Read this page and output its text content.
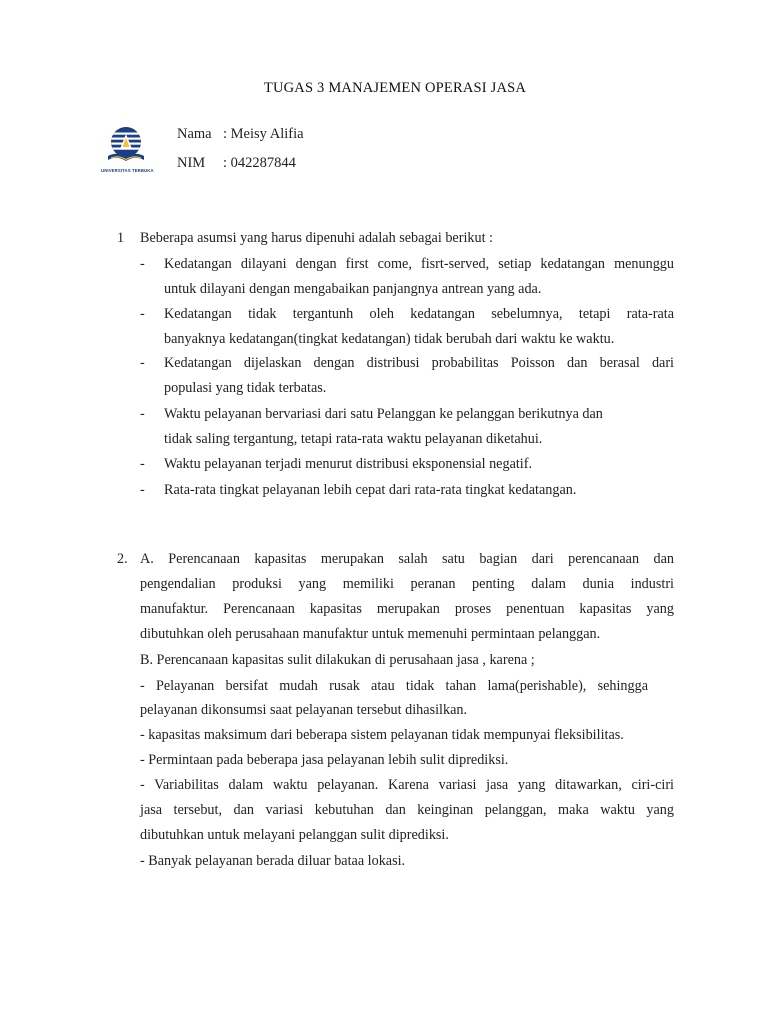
TUGAS 3 MANAJEMEN OPERASI JASA
UNIVERSITAS TERBUKA
Nama : Meisy Alifia
NIM : 042287844
1 Beberapa asumsi yang harus dipenuhi adalah sebagai berikut :
- Kedatangan dilayani dengan first come, fisrt-served, setiap kedatangan menunggu
untuk dilayani dengan mengabaikan panjangnya antrean yang ada.
- Kedatangan tidak tergantunh oleh kedatangan sebelumnya, tetapi rata-rata
banyaknya kedatangan(tingkat kedatangan) tidak berubah dari waktu ke waktu.
- Kedatangan dijelaskan dengan distribusi probabilitas Poisson dan berasal dari
populasi yang tidak terbatas.
- Waktu pelayanan bervariasi dari satu Pelanggan ke pelanggan berikutnya dan
tidak saling tergantung, tetapi rata-rata waktu pelayanan diketahui.
- Waktu pelayanan terjadi menurut distribusi eksponensial negatif.
- Rata-rata tingkat pelayanan lebih cepat dari rata-rata tingkat kedatangan.
2. A. Perencanaan kapasitas merupakan salah satu bagian dari perencanaan dan
pengendalian produksi yang memiliki peranan penting dalam dunia industri
manufaktur. Perencanaan kapasitas merupakan proses penentuan kapasitas yang
dibutuhkan oleh perusahaan manufaktur untuk memenuhi permintaan pelanggan.
B. Perencanaan kapasitas sulit dilakukan di perusahaan jasa , karena ;
- Pelayanan bersifat mudah rusak atau tidak tahan lama(perishable), sehingga
pelayanan dikonsumsi saat pelayanan tersebut dihasilkan.
- kapasitas maksimum dari beberapa sistem pelayanan tidak mempunyai fleksibilitas.
- Permintaan pada beberapa jasa pelayanan lebih sulit diprediksi.
- Variabilitas dalam waktu pelayanan. Karena variasi jasa yang ditawarkan, ciri-ciri
jasa tersebut, dan variasi kebutuhan dan keinginan pelanggan, maka waktu yang
dibutuhkan untuk melayani pelanggan sulit diprediksi.
- Banyak pelayanan berada diluar bataa lokasi.
